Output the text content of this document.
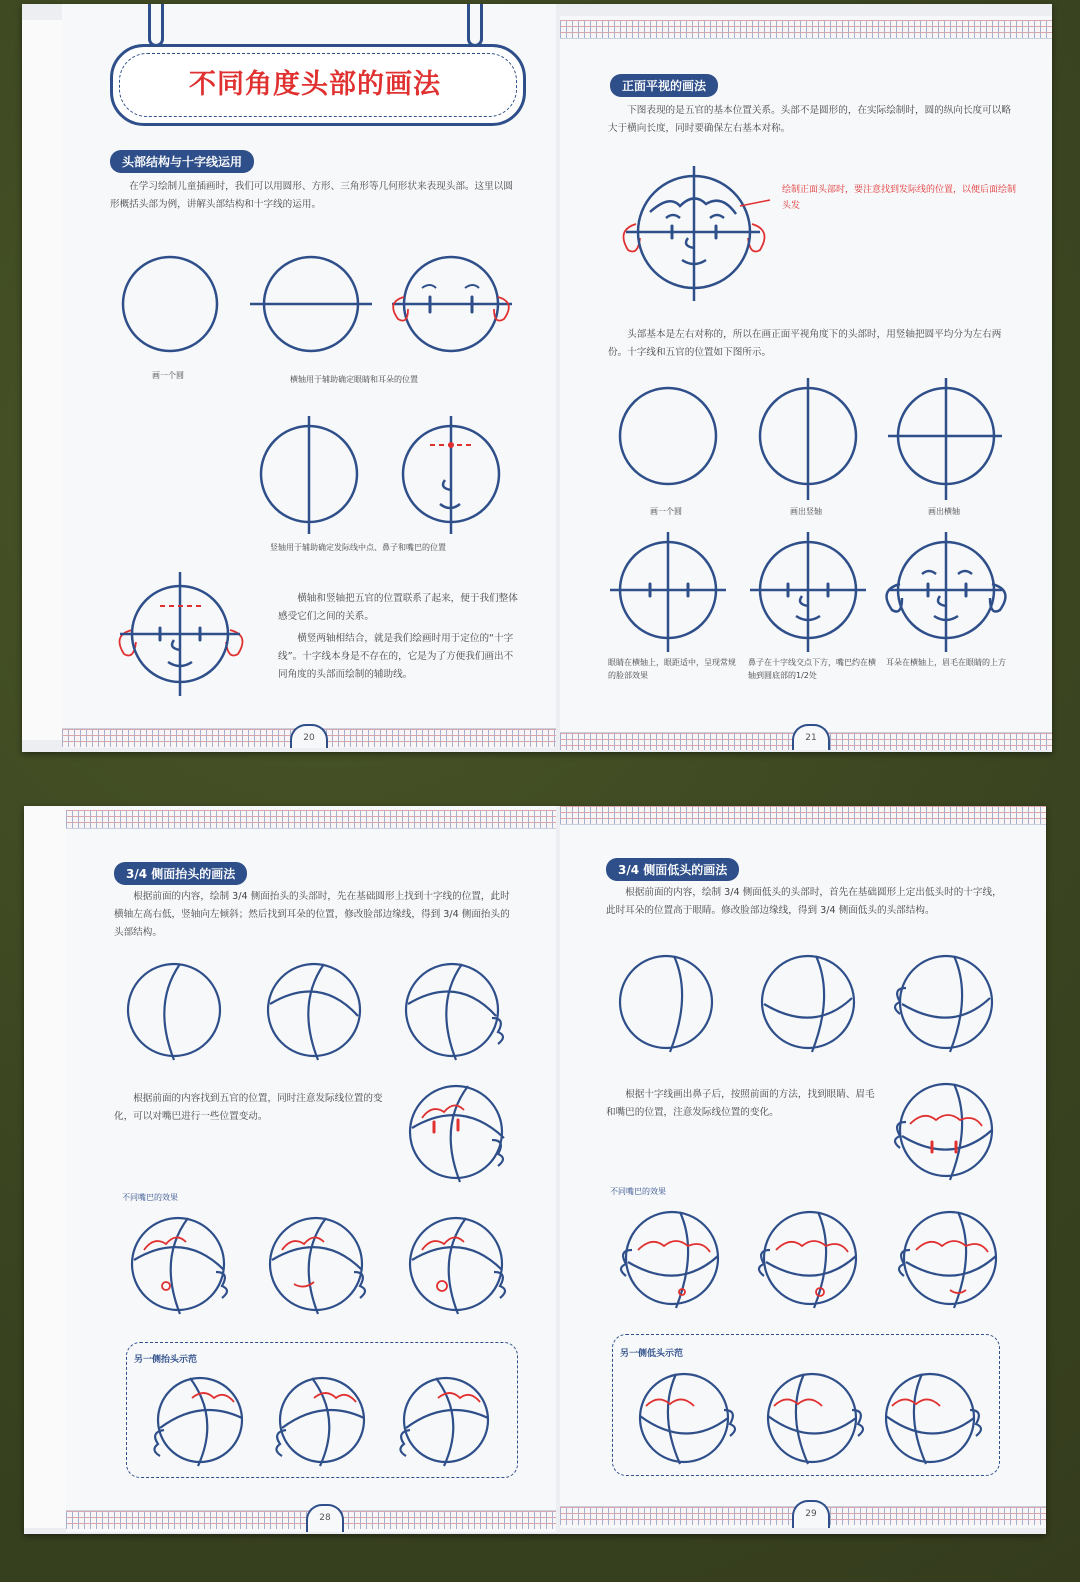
不同角度头部的画法
头部结构与十字线运用
在学习绘制儿童插画时，我们可以用圆形、方形、三角形等几何形状来表现头部。这里以圆形概括头部为例，讲解头部结构和十字线的运用。
画一个圆	横轴用于辅助确定眼睛和耳朵的位置
竖轴用于辅助确定发际线中点、鼻子和嘴巴的位置
横轴和竖轴把五官的位置联系了起来，便于我们整体感受它们之间的关系。
横竖两轴相结合，就是我们绘画时用于定位的“十字线”。十字线本身是不存在的，它是为了方便我们画出不同角度的头部而绘制的辅助线。
20
正面平视的画法
下图表现的是五官的基本位置关系。头部不是圆形的，在实际绘制时，圆的纵向长度可以略大于横向长度，同时要确保左右基本对称。
绘制正面头部时，要注意找到发际线的位置，以便后面绘制头发
头部基本是左右对称的，所以在画正面平视角度下的头部时，用竖轴把圆平均分为左右两份。十字线和五官的位置如下图所示。
画一个圆	画出竖轴	画出横轴
眼睛在横轴上，眼距适中，呈现常规的脸部效果
鼻子在十字线交点下方，嘴巴约在横轴到圆底部的1/2处
耳朵在横轴上，眉毛在眼睛的上方
21
3/4 侧面抬头的画法
根据前面的内容，绘制 3/4 侧面抬头的头部时，先在基础圆形上找到十字线的位置，此时横轴左高右低，竖轴向左倾斜；然后找到耳朵的位置，修改脸部边缘线，得到 3/4 侧面抬头的头部结构。
根据前面的内容找到五官的位置，同时注意发际线位置的变化，可以对嘴巴进行一些位置变动。
不同嘴巴的效果
另一侧抬头示范
28
3/4 侧面低头的画法
根据前面的内容，绘制 3/4 侧面低头的头部时，首先在基础圆形上定出低头时的十字线，此时耳朵的位置高于眼睛。修改脸部边缘线，得到 3/4 侧面低头的头部结构。
根据十字线画出鼻子后，按照前面的方法，找到眼睛、眉毛和嘴巴的位置，注意发际线位置的变化。
不同嘴巴的效果
另一侧低头示范
29
